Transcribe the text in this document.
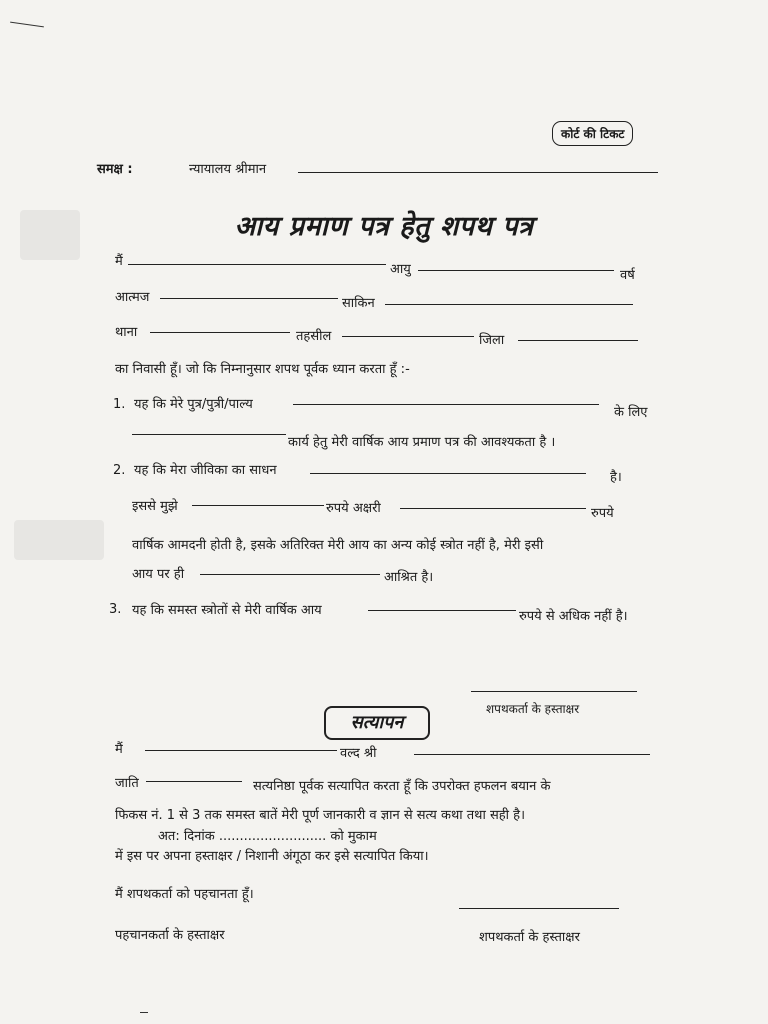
कोर्ट की टिकट
समक्ष :	न्यायालय श्रीमान
आय प्रमाण पत्र हेतु शपथ पत्र
मैं
आयु	वर्ष
आत्मज	साकिन
थाना	तहसील	जिला
का निवासी हूँ। जो कि निम्नानुसार शपथ पूर्वक ध्यान करता हूँ :-
1. यह कि मेरे पुत्र/पुत्री/पाल्य
के लिए
कार्य हेतु मेरी वार्षिक आय प्रमाण पत्र की आवश्यकता है ।
2. यह कि मेरा जीविका का साधन	है।
इससे मुझे	रुपये अक्षरी	रुपये
वार्षिक आमदनी होती है, इसके अतिरिक्त मेरी आय का अन्य कोई स्त्रोत नहीं है, मेरी इसी
आय पर ही	आश्रित है।
3. यह कि समस्त स्त्रोतों से मेरी वार्षिक आय	रुपये से अधिक नहीं है।
शपथकर्ता के हस्ताक्षर
सत्यापन
मैं	वल्द श्री
जाति	सत्यनिष्ठा पूर्वक सत्यापित करता हूँ कि उपरोक्त हफलन बयान के
फिकस नं. 1 से 3 तक समस्त बातें मेरी पूर्ण जानकारी व ज्ञान से सत्य कथा तथा सही है।
अत: दिनांक .......................... को मुकाम
में इस पर अपना हस्ताक्षर / निशानी अंगूठा कर इसे सत्यापित किया।
मैं शपथकर्ता को पहचानता हूँ।
पहचानकर्ता के हस्ताक्षर	शपथकर्ता के हस्ताक्षर
